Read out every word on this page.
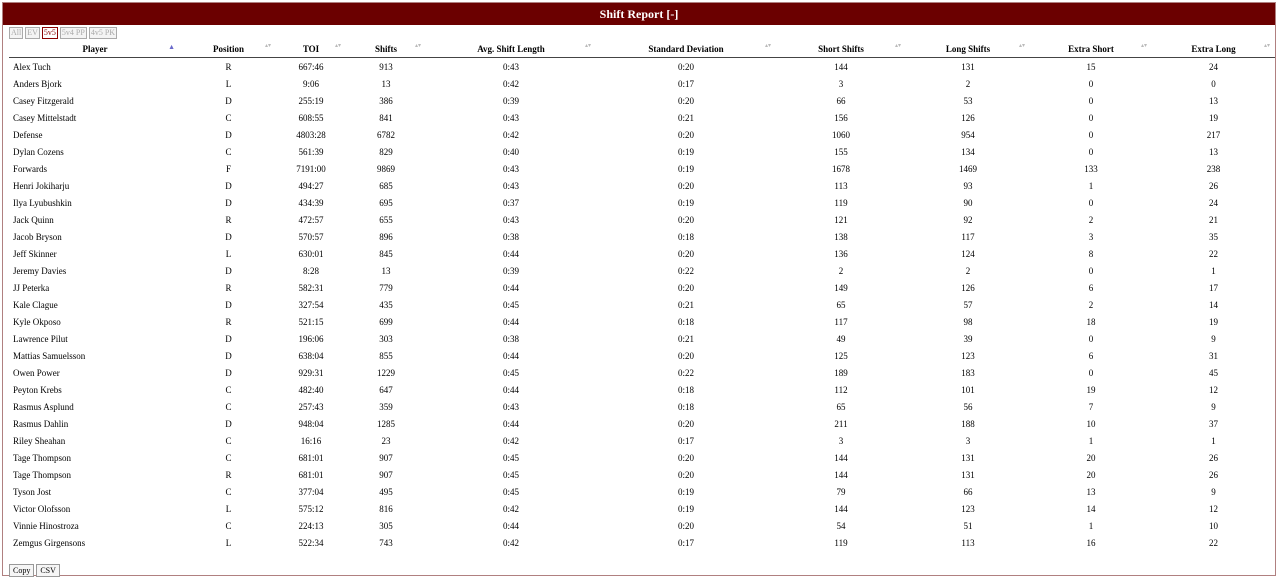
Shift Report [-]
All EV 5v5 5v4 PP 4v5 PK
Player ▲	Position ▴▾	TOI ▴▾	Shifts ▴▾	Avg. Shift Length ▴▾	Standard Deviation ▴▾	Short Shifts ▴▾	Long Shifts ▴▾	Extra Short ▴▾	Extra Long ▴▾

Alex Tuch	R	667:46	913	0:43	0:20	144	131	15	24
Anders Bjork	L	9:06	13	0:42	0:17	3	2	0	0
Casey Fitzgerald	D	255:19	386	0:39	0:20	66	53	0	13
Casey Mittelstadt	C	608:55	841	0:43	0:21	156	126	0	19
Defense	D	4803:28	6782	0:42	0:20	1060	954	0	217
Dylan Cozens	C	561:39	829	0:40	0:19	155	134	0	13
Forwards	F	7191:00	9869	0:43	0:19	1678	1469	133	238
Henri Jokiharju	D	494:27	685	0:43	0:20	113	93	1	26
Ilya Lyubushkin	D	434:39	695	0:37	0:19	119	90	0	24
Jack Quinn	R	472:57	655	0:43	0:20	121	92	2	21
Jacob Bryson	D	570:57	896	0:38	0:18	138	117	3	35
Jeff Skinner	L	630:01	845	0:44	0:20	136	124	8	22
Jeremy Davies	D	8:28	13	0:39	0:22	2	2	0	1
JJ Peterka	R	582:31	779	0:44	0:20	149	126	6	17
Kale Clague	D	327:54	435	0:45	0:21	65	57	2	14
Kyle Okposo	R	521:15	699	0:44	0:18	117	98	18	19
Lawrence Pilut	D	196:06	303	0:38	0:21	49	39	0	9
Mattias Samuelsson	D	638:04	855	0:44	0:20	125	123	6	31
Owen Power	D	929:31	1229	0:45	0:22	189	183	0	45
Peyton Krebs	C	482:40	647	0:44	0:18	112	101	19	12
Rasmus Asplund	C	257:43	359	0:43	0:18	65	56	7	9
Rasmus Dahlin	D	948:04	1285	0:44	0:20	211	188	10	37
Riley Sheahan	C	16:16	23	0:42	0:17	3	3	1	1
Tage Thompson	C	681:01	907	0:45	0:20	144	131	20	26
Tage Thompson	R	681:01	907	0:45	0:20	144	131	20	26
Tyson Jost	C	377:04	495	0:45	0:19	79	66	13	9
Victor Olofsson	L	575:12	816	0:42	0:19	144	123	14	12
Vinnie Hinostroza	C	224:13	305	0:44	0:20	54	51	1	10
Zemgus Girgensons	L	522:34	743	0:42	0:17	119	113	16	22
Copy CSV
